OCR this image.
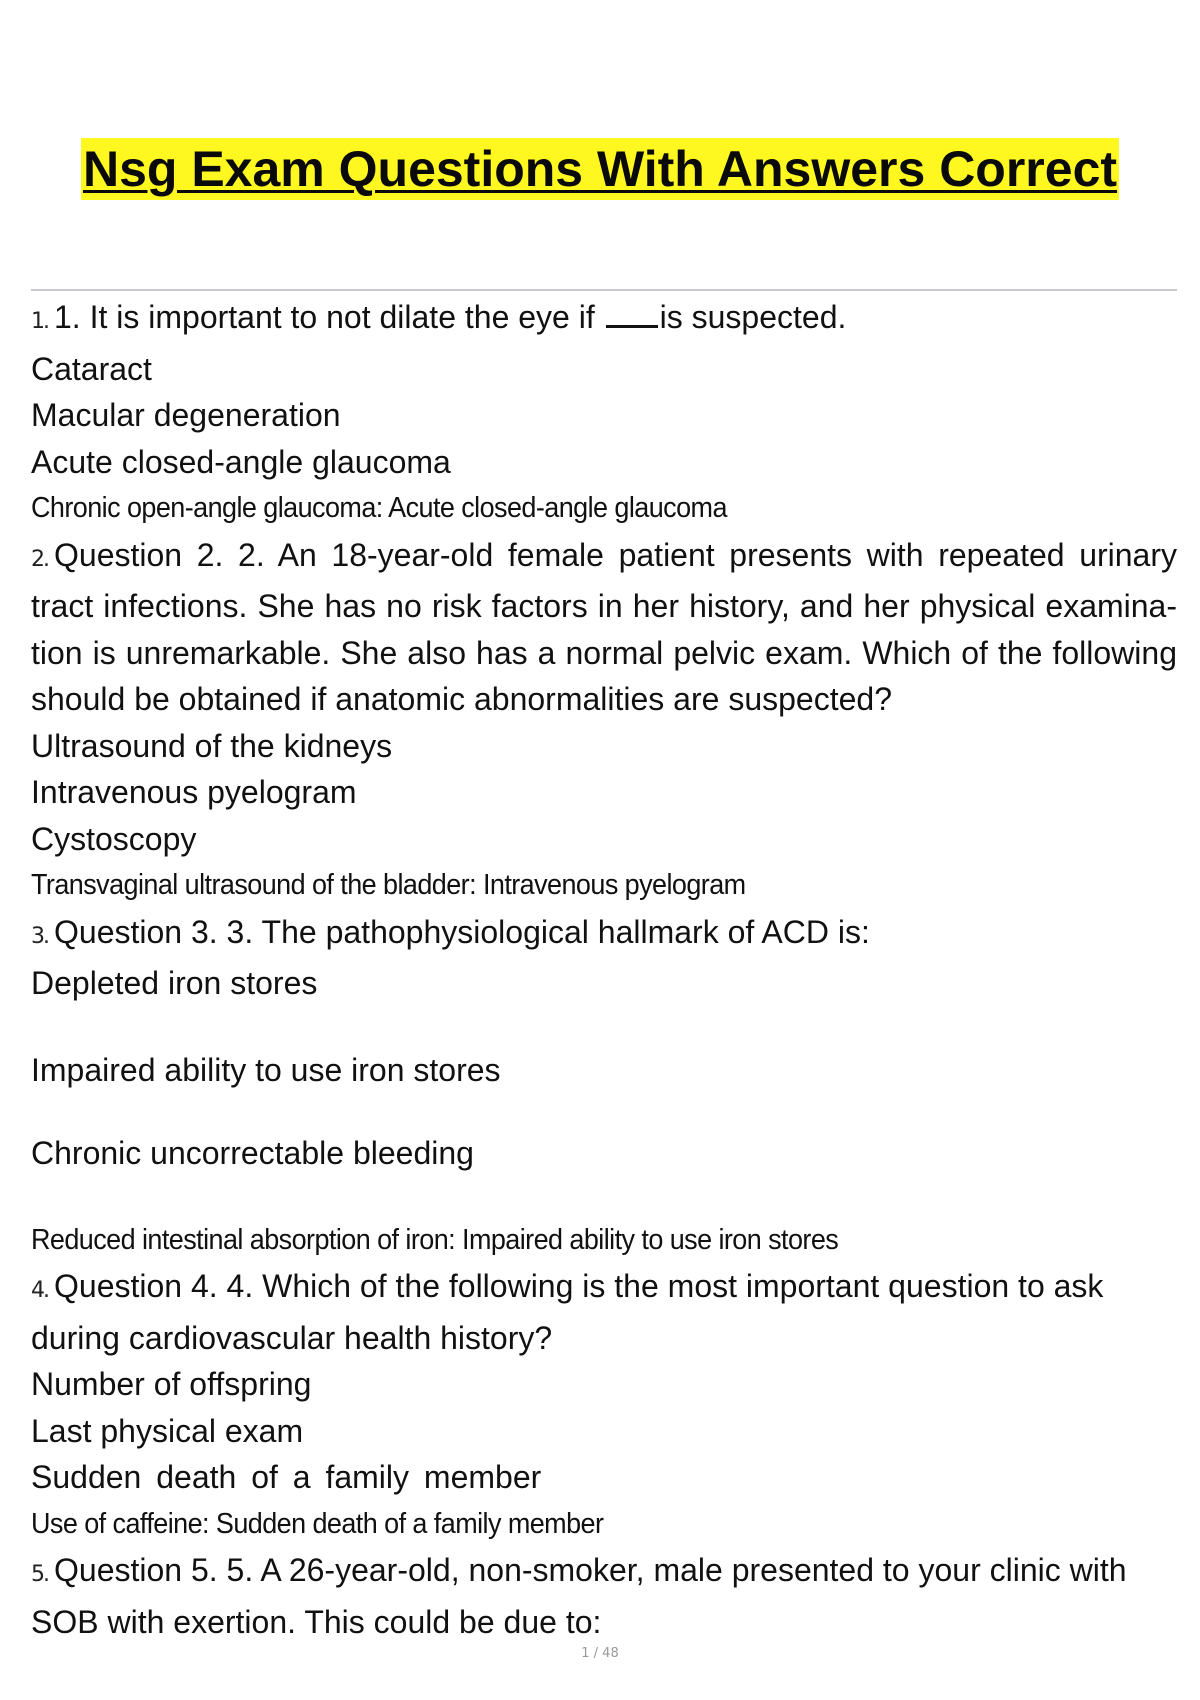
Nsg Exam Questions With Answers Correct
1. 1. It is important to not dilate the eye if is suspected.
Cataract
Macular degeneration
Acute closed-angle glaucoma
Chronic open-angle glaucoma: Acute closed-angle glaucoma
2. Question 2. 2. An 18-year-old female patient presents with repeated urinary tract infections. She has no risk factors in her history, and her physical examina-tion is unremarkable. She also has a normal pelvic exam. Which of the following should be obtained if anatomic abnormalities are suspected?
Ultrasound of the kidneys
Intravenous pyelogram
Cystoscopy
Transvaginal ultrasound of the bladder: Intravenous pyelogram
3. Question 3. 3. The pathophysiological hallmark of ACD is:
Depleted iron stores
Impaired ability to use iron stores
Chronic uncorrectable bleeding
Reduced intestinal absorption of iron: Impaired ability to use iron stores
4. Question 4. 4. Which of the following is the most important question to ask during cardiovascular health history?
Number of offspring
Last physical exam
Sudden death of a family member
Use of caffeine: Sudden death of a family member
5. Question 5. 5. A 26-year-old, non-smoker, male presented to your clinic with SOB with exertion. This could be due to:
1 / 48
